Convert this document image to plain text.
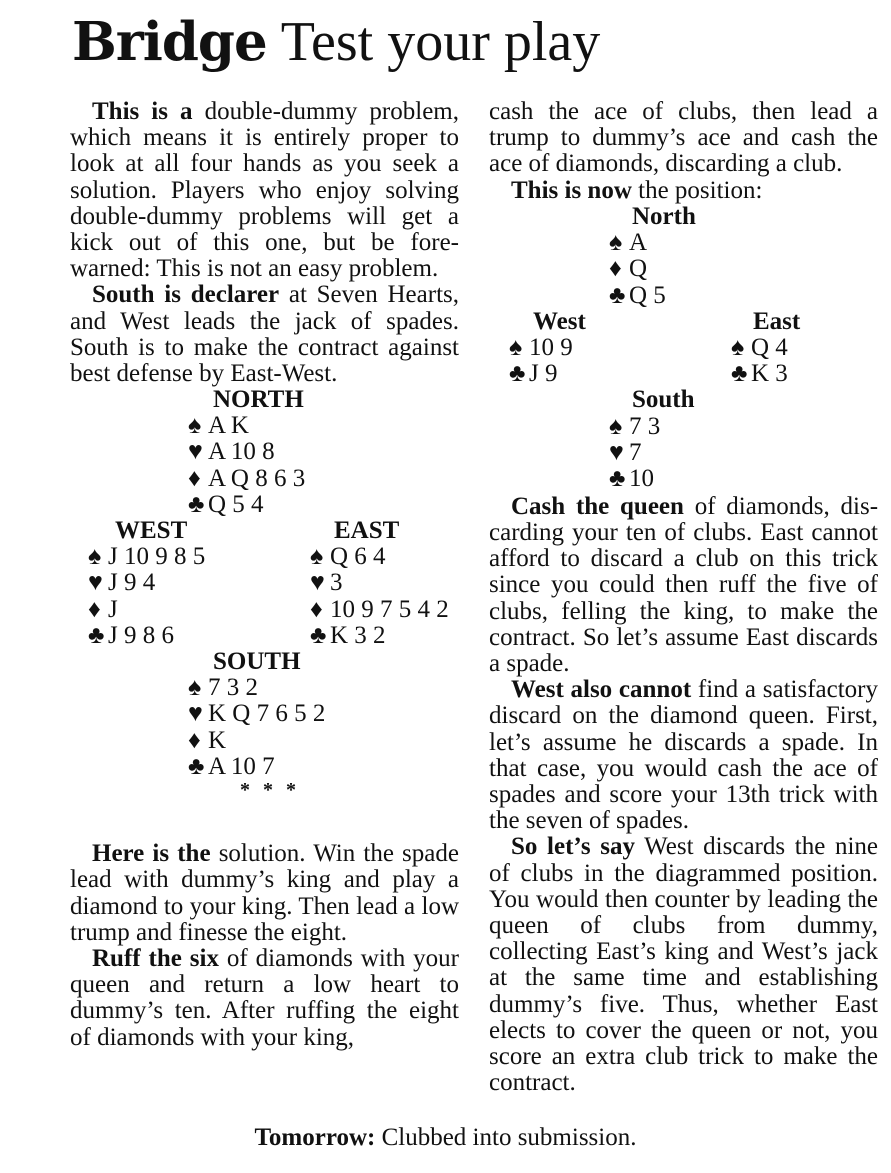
Bridge Test your play

This is a double-dummy problem, which means it is entirely proper to look at all four hands as you seek a solution. Players who enjoy solving double-dummy problems will get a kick out of this one, but be forewarned: This is not an easy problem.

South is declarer at Seven Hearts, and West leads the jack of spades. South is to make the contract against best defense by East-West.

NORTH
♠ A K
♥ A 10 8
♦ A Q 8 6 3
♣ Q 5 4
WEST	EAST
♠ J 10 9 8 5
♥ J 9 4
♦ J
♣ J 9 8 6
♠ Q 6 4
♥ 3
♦ 10 9 7 5 4 2
♣ K 3 2
SOUTH
♠ 7 3 2
♥ K Q 7 6 5 2
♦ K
♣ A 10 7
* * *

Here is the solution. Win the spade lead with dummy’s king and play a diamond to your king. Then lead a low trump and finesse the eight.

Ruff the six of diamonds with your queen and return a low heart to dummy’s ten. After ruffing the eight of diamonds with your king,

cash the ace of clubs, then lead a trump to dummy’s ace and cash the ace of diamonds, discarding a club.

This is now the position:

North
♠ A
♦ Q
♣ Q 5
West	East
♠ 10 9
♣ J 9
♠ Q 4
♣ K 3
South
♠ 7 3
♥ 7
♣ 10

Cash the queen of diamonds, discarding your ten of clubs. East cannot afford to discard a club on this trick since you could then ruff the five of clubs, felling the king, to make the contract. So let’s assume East discards a spade.

West also cannot find a satisfactory discard on the diamond queen. First, let’s assume he discards a spade. In that case, you would cash the ace of spades and score your 13th trick with the seven of spades.

So let’s say West discards the nine of clubs in the diagrammed position. You would then counter by leading the queen of clubs from dummy, collecting East’s king and West’s jack at the same time and establishing dummy’s five. Thus, whether East elects to cover the queen or not, you score an extra club trick to make the contract.

Tomorrow: Clubbed into submission.
